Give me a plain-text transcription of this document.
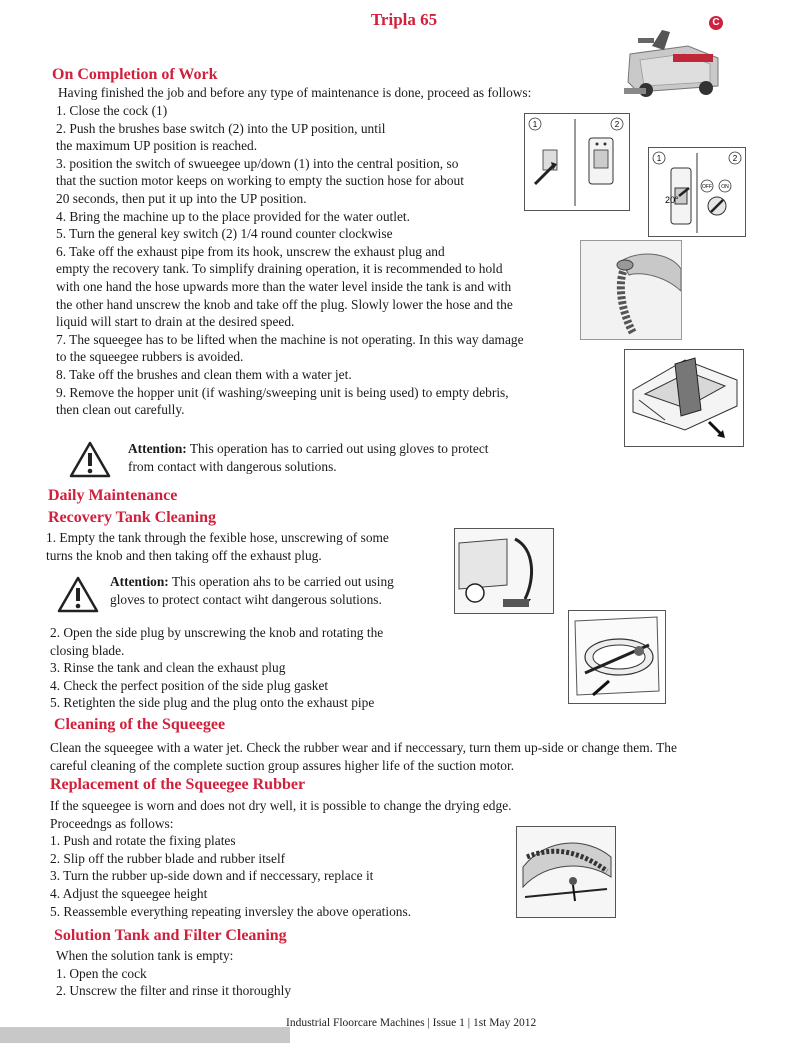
Tripla 65	C
On Completion of Work
Having finished the job and before any type of maintenance is done, proceed as follows:
1. Close the cock (1)
2. Push the brushes base switch (2) into the UP position, until
the maximum UP position is reached.
3. position the switch of swueegee up/down (1) into the central position, so
that the suction motor keeps on working to empty the suction hose for about
20 seconds, then put it up into the UP position.
4. Bring the machine up to the place provided for the water outlet.
5. Turn the general key switch (2) 1/4 round counter clockwise
6. Take off the exhaust pipe from its hook, unscrew the exhaust plug and
empty the recovery tank. To simplify draining operation, it is recommended to hold
with one hand the hose upwards more than the water level inside the tank is and with
the other hand unscrew the knob and take off the plug. Slowly lower the hose and the
liquid will start to drain at the desired speed.
7. The squeegee has to be lifted when the machine is not operating. In this way damage
to the squeegee rubbers is avoided.
8. Take off the brushes and clean them with a water jet.
9. Remove the hopper unit (if washing/sweeping unit is being used) to empty debris,
then clean out carefully.
1	2
1	2
20°
OFF ON
Attention: This operation has to carried out using gloves to protect
from contact with dangerous solutions.
Daily Maintenance
Recovery Tank Cleaning
1. Empty the tank through the fexible hose, unscrewing of some
turns the knob and then taking off the exhaust plug.
Attention: This operation ahs to be carried out using
gloves to protect contact wiht dangerous solutions.
2. Open the side plug by unscrewing the knob and rotating the
closing blade.
3. Rinse the tank and clean the exhaust plug
4. Check the perfect position of the side plug gasket
5. Retighten the side plug and the plug onto the exhaust pipe
Cleaning of the Squeegee
Clean the squeegee with a water jet. Check the rubber wear and if neccessary, turn them up-side or change them. The
careful cleaning of the complete suction group assures higher life of the suction motor.
Replacement of the Squeegee Rubber
If the squeegee is worn and does not dry well, it is possible to change the drying edge.
Proceedngs as follows:
1. Push and rotate the fixing plates
2. Slip off the rubber blade and rubber itself
3. Turn the rubber up-side down and if neccessary, replace it
4. Adjust the squeegee height
5. Reassemble everything repeating inversley the above operations.
Solution Tank and Filter Cleaning
When the solution tank is empty:
1. Open the cock
2. Unscrew the filter and rinse it thoroughly
Industrial Floorcare Machines | Issue 1 | 1st May 2012
